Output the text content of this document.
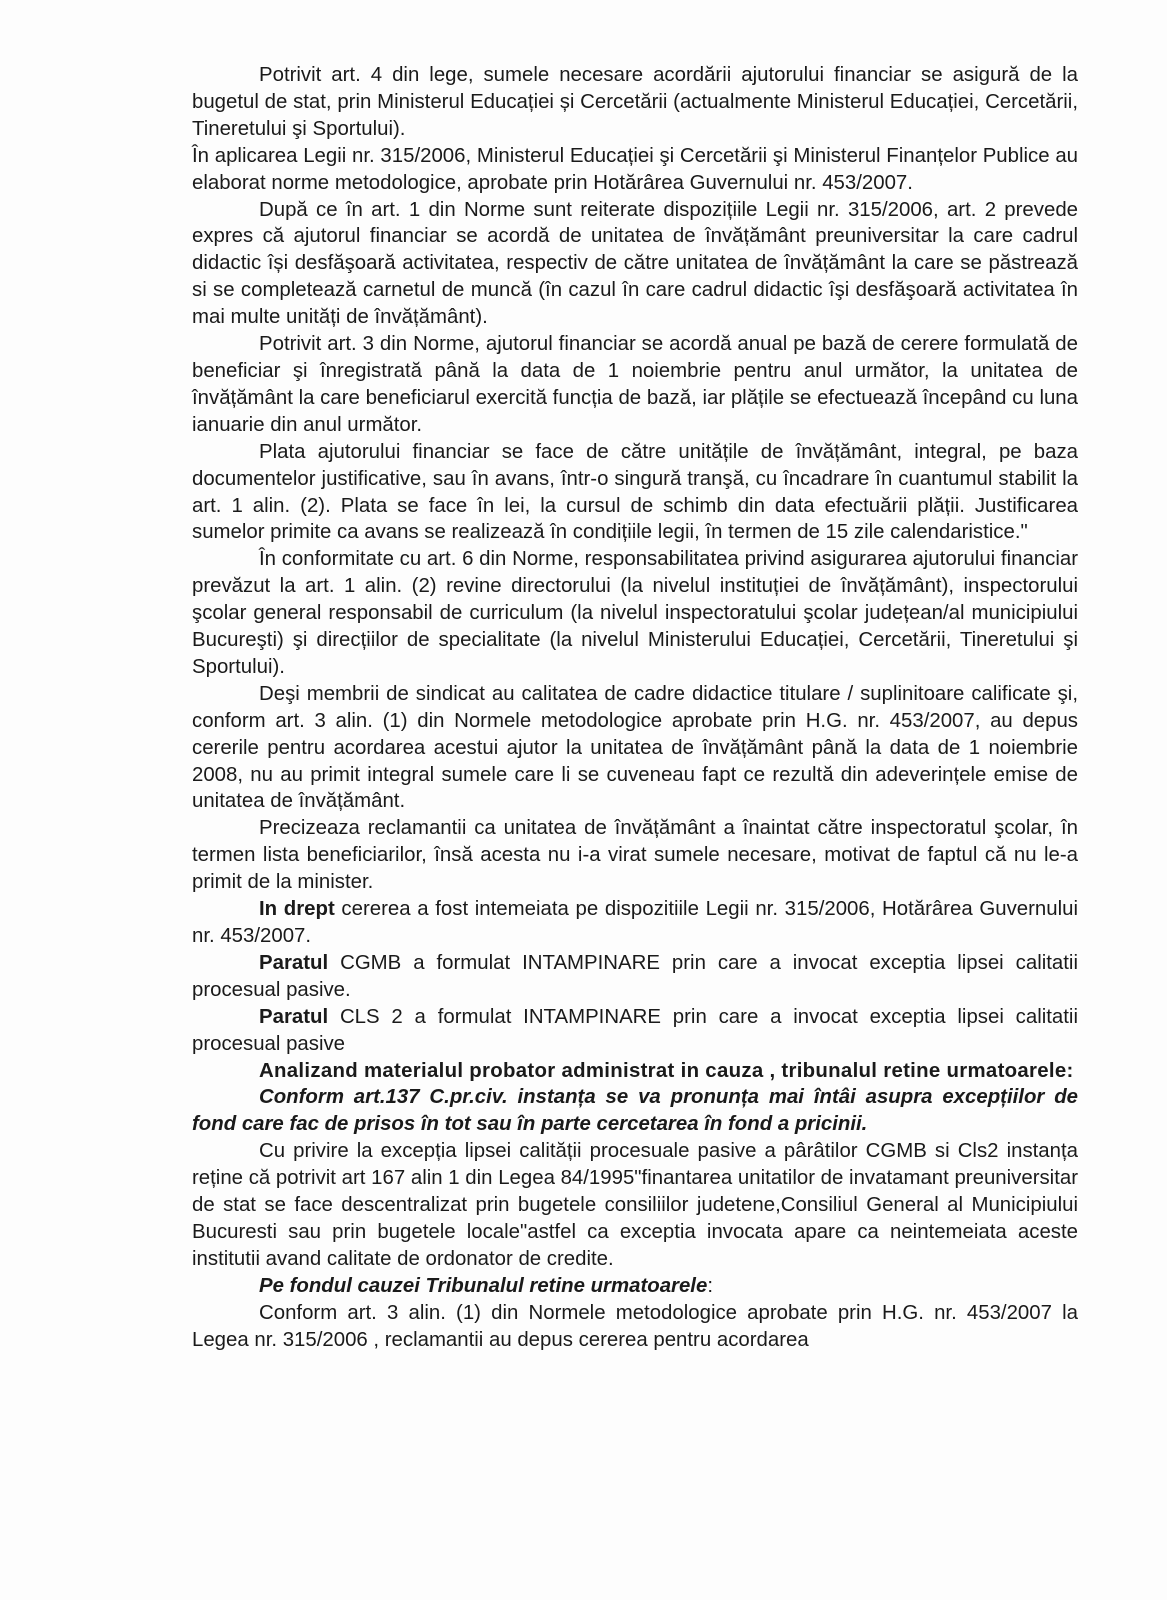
Potrivit art. 4 din lege, sumele necesare acordării ajutorului financiar se asigură de la bugetul de stat, prin Ministerul Educației și Cercetării (actualmente Ministerul Educației, Cercetării, Tineretului şi Sportului).

În aplicarea Legii nr. 315/2006, Ministerul Educației şi Cercetării şi Ministerul Finanțelor Publice au elaborat norme metodologice, aprobate prin Hotărârea Guvernului nr. 453/2007.

După ce în art. 1 din Norme sunt reiterate dispozițiile Legii nr. 315/2006, art. 2 prevede expres că ajutorul financiar se acordă de unitatea de învățământ preuniversitar la care cadrul didactic își desfăşoară activitatea, respectiv de către unitatea de învățământ la care se păstrează si se completează carnetul de muncă (în cazul în care cadrul didactic îşi desfăşoară activitatea în mai multe unități de învățământ).

Potrivit art. 3 din Norme, ajutorul financiar se acordă anual pe bază de cerere formulată de beneficiar şi înregistrată până la data de 1 noiembrie pentru anul următor, la unitatea de învățământ la care beneficiarul exercită funcția de bază, iar plățile se efectuează începând cu luna ianuarie din anul următor.

Plata ajutorului financiar se face de către unitățile de învățământ, integral, pe baza documentelor justificative, sau în avans, într-o singură tranşă, cu încadrare în cuantumul stabilit la art. 1 alin. (2). Plata se face în lei, la cursul de schimb din data efectuării plății. Justificarea sumelor primite ca avans se realizează în condițiile legii, în termen de 15 zile calendaristice."

În conformitate cu art. 6 din Norme, responsabilitatea privind asigurarea ajutorului financiar prevăzut la art. 1 alin. (2) revine directorului (la nivelul instituției de învățământ), inspectorului şcolar general responsabil de curriculum (la nivelul inspectoratului şcolar județean/al municipiului Bucureşti) şi direcțiilor de specialitate (la nivelul Ministerului Educației, Cercetării, Tineretului şi Sportului).

Deşi membrii de sindicat au calitatea de cadre didactice titulare / suplinitoare calificate şi, conform art. 3 alin. (1) din Normele metodologice aprobate prin H.G. nr. 453/2007, au depus cererile pentru acordarea acestui ajutor la unitatea de învățământ până la data de 1 noiembrie 2008, nu au primit integral sumele care li se cuveneau fapt ce rezultă din adeverințele emise de unitatea de învățământ.

Precizeaza reclamantii ca unitatea de învățământ a înaintat către inspectoratul şcolar, în termen lista beneficiarilor, însă acesta nu i-a virat sumele necesare, motivat de faptul că nu le-a primit de la minister.

In drept cererea a fost intemeiata pe dispozitiile Legii nr. 315/2006, Hotărârea Guvernului nr. 453/2007.

Paratul CGMB a formulat INTAMPINARE prin care a invocat exceptia lipsei calitatii procesual pasive.

Paratul CLS 2 a formulat INTAMPINARE prin care a invocat exceptia lipsei calitatii procesual pasive

Analizand materialul probator administrat in cauza , tribunalul retine urmatoarele:

Conform art.137 C.pr.civ. instanța se va pronunța mai întâi asupra excepțiilor de fond care fac de prisos în tot sau în parte cercetarea în fond a pricinii.

Cu privire la excepția lipsei calității procesuale pasive a pârâtilor CGMB si Cls2 instanța reține că potrivit art 167 alin 1 din Legea 84/1995"finantarea unitatilor de invatamant preuniversitar de stat se face descentralizat prin bugetele consiliilor judetene,Consiliul General al Municipiului Bucuresti sau prin bugetele locale"astfel ca exceptia invocata apare ca neintemeiata aceste institutii avand calitate de ordonator de credite.

Pe fondul cauzei Tribunalul retine urmatoarele:

Conform art. 3 alin. (1) din Normele metodologice aprobate prin H.G. nr. 453/2007 la Legea nr. 315/2006 , reclamantii au depus cererea pentru acordarea
